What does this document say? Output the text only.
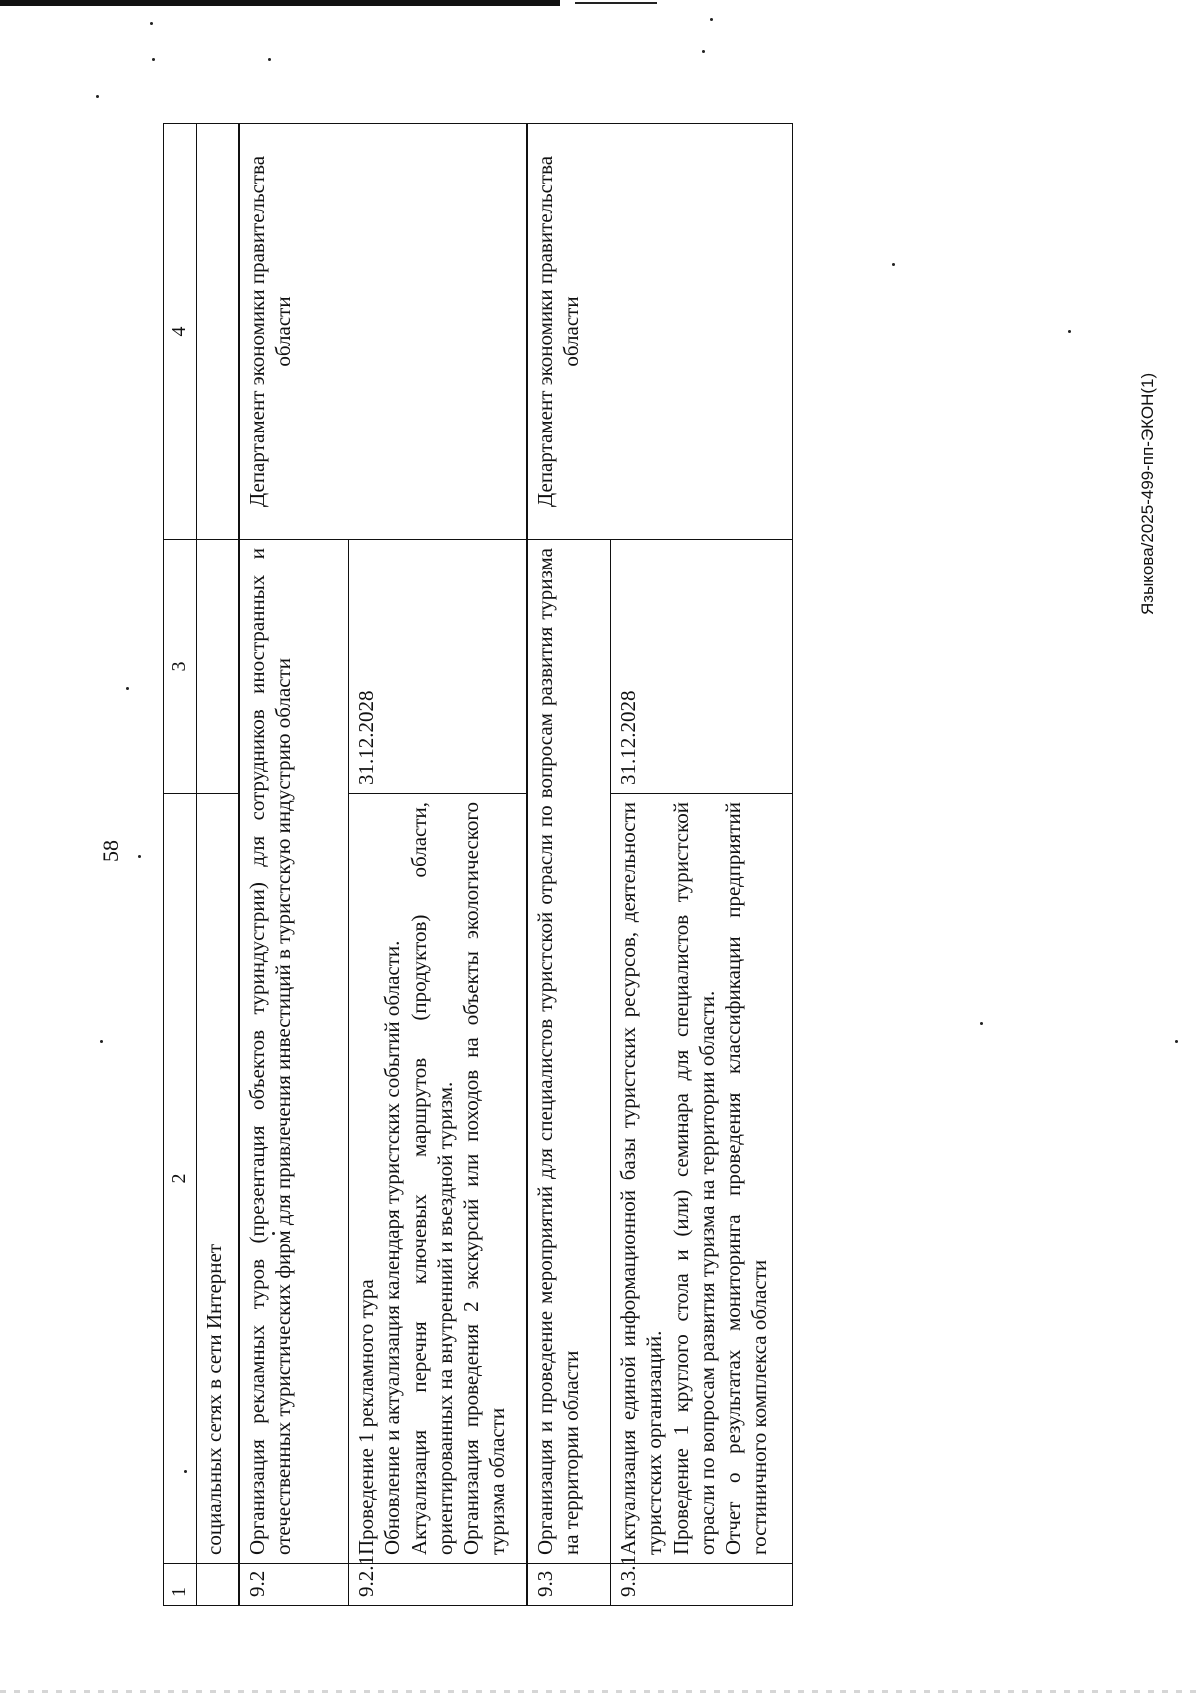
58
Языкова/2025-499-пп-ЭКОН(1)
1	2	3	4
	социальных сетях в сети Интернет		
9.2	Организация рекламных туров (презентация объектов туриндустрии) для сотрудников иностранных и отечественных туристических фирм для привлечения инвестиций в туристскую индустрию области		Департамент экономики правительства области
9.2.1	Проведение 1 рекламного тура Обновление и актуализация календаря туристских событий области. Актуализация перечня ключевых маршрутов (продуктов) области, ориентированных на внутренний и въездной туризм. Организация проведения 2 экскурсий или походов на объекты экологического туризма области	31.12.2028	
9.3	Организация и проведение мероприятий для специалистов туристской отрасли по вопросам развития туризма на территории области		Департамент экономики правительства области
9.3.1	Актуализация единой информационной базы туристских ресурсов, деятельности туристских организаций. Проведение 1 круглого стола и (или) семинара для специалистов туристской отрасли по вопросам развития туризма на территории области. Отчет о результатах мониторинга проведения классификации предприятий гостиничного комплекса области	31.12.2028	
